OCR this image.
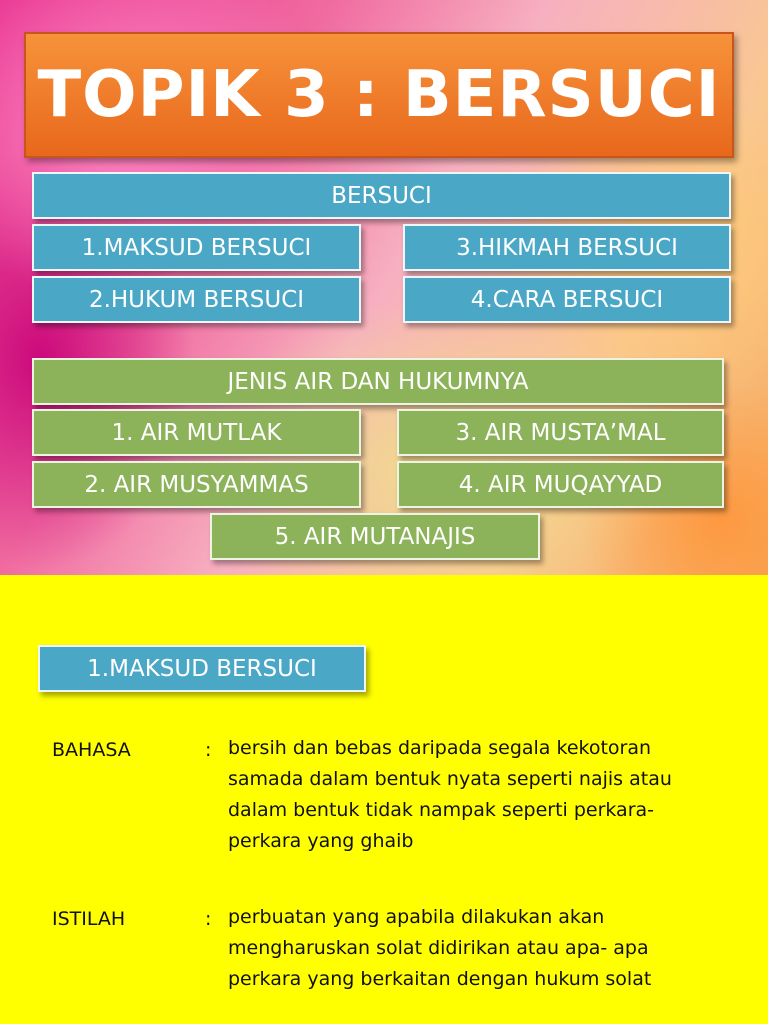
TOPIK 3 : BERSUCI
BERSUCI
1.MAKSUD BERSUCI
2.HUKUM BERSUCI
3.HIKMAH BERSUCI
4.CARA BERSUCI
JENIS AIR DAN HUKUMNYA
1. AIR MUTLAK
2. AIR MUSYAMMAS
3. AIR MUSTA’MAL
4. AIR MUQAYYAD
5. AIR MUTANAJIS
1.MAKSUD BERSUCI
BAHASA	: bersih dan bebas daripada segala kekotoran
samada dalam bentuk nyata seperti najis atau
dalam bentuk tidak nampak seperti perkara-
perkara yang ghaib
ISTILAH	: perbuatan yang apabila dilakukan akan
mengharuskan solat didirikan atau apa- apa
perkara yang berkaitan dengan hukum solat
